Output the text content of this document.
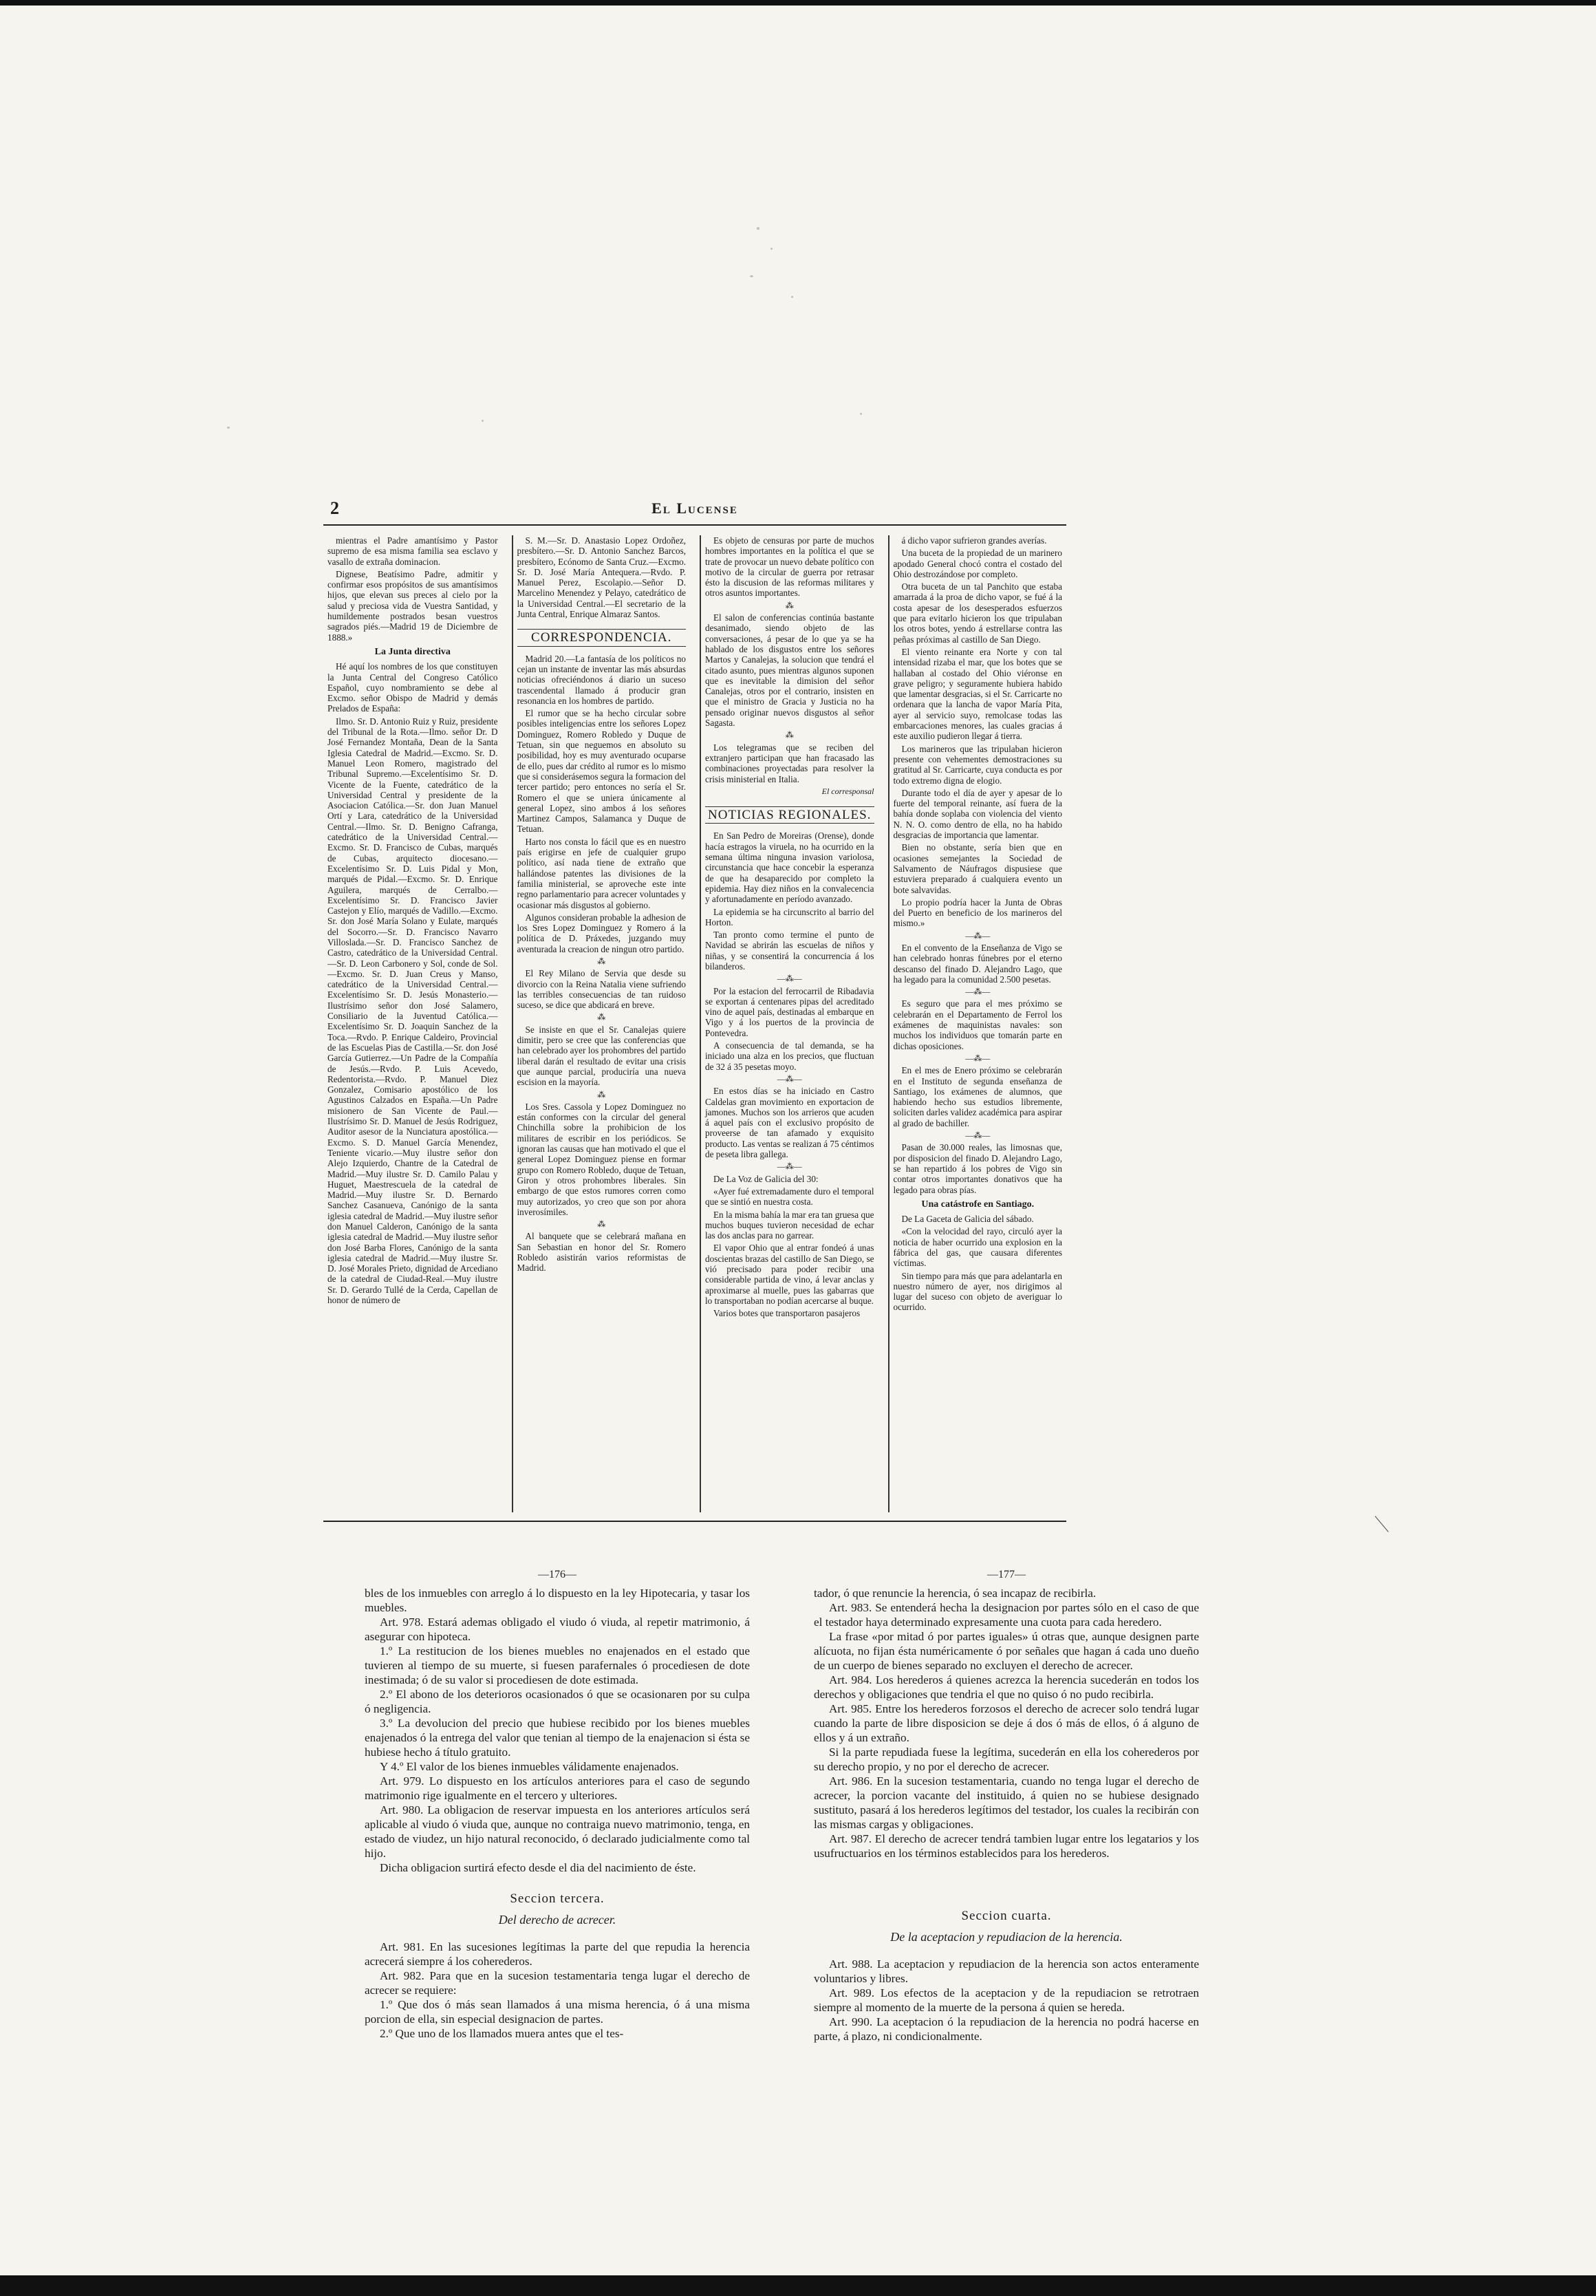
2	El Lucense

mientras el Padre amantísimo y Pastor supremo de esa misma familia sea esclavo y vasallo de extraña dominacion.

Dignese, Beatísimo Padre, admitir y confirmar esos propósitos de sus amantísimos hijos, que elevan sus preces al cielo por la salud y preciosa vida de Vuestra Santidad, y humildemente postrados besan vuestros sagrados piés.—Madrid 19 de Diciembre de 1888.»

La Junta directiva

Hé aquí los nombres de los que constituyen la Junta Central del Congreso Católico Español, cuyo nombramiento se debe al Excmo. señor Obispo de Madrid y demás Prelados de España:

Ilmo. Sr. D. Antonio Ruiz y Ruiz, presidente del Tribunal de la Rota.—Ilmo. señor Dr. D José Fernandez Montaña, Dean de la Santa Iglesia Catedral de Madrid.—Excmo. Sr. D. Manuel Leon Romero, magistrado del Tribunal Supremo.—Excelentísimo Sr. D. Vicente de la Fuente, catedrático de la Universidad Central y presidente de la Asociacion Católica.—Sr. don Juan Manuel Ortí y Lara, catedrático de la Universidad Central.—Ilmo. Sr. D. Benigno Cafranga, catedrático de la Universidad Central.—Excmo. Sr. D. Francisco de Cubas, marqués de Cubas, arquitecto diocesano.—Excelentísimo Sr. D. Luis Pidal y Mon, marqués de Pidal.—Excmo. Sr. D. Enrique Aguilera, marqués de Cerralbo.—Excelentísimo Sr. D. Francisco Javier Castejon y Elío, marqués de Vadillo.—Excmo. Sr. don José María Solano y Eulate, marqués del Socorro.—Sr. D. Francisco Navarro Villoslada.—Sr. D. Francisco Sanchez de Castro, catedrático de la Universidad Central.—Sr. D. Leon Carbonero y Sol, conde de Sol.—Excmo. Sr. D. Juan Creus y Manso, catedrático de la Universidad Central.—Excelentísimo Sr. D. Jesús Monasterio.—Ilustrísimo señor don José Salamero, Consiliario de la Juventud Católica.—Excelentísimo Sr. D. Joaquin Sanchez de la Toca.—Rvdo. P. Enrique Caldeiro, Provincial de las Escuelas Pias de Castilla.—Sr. don José García Gutierrez.—Un Padre de la Compañía de Jesús.—Rvdo. P. Luis Acevedo, Redentorista.—Rvdo. P. Manuel Diez Gonzalez, Comisario apostólico de los Agustinos Calzados en España.—Un Padre misionero de San Vicente de Paul.—Ilustrísimo Sr. D. Manuel de Jesús Rodriguez, Auditor asesor de la Nunciatura apostólica.—Excmo. S. D. Manuel García Menendez, Teniente vicario.—Muy ilustre señor don Alejo Izquierdo, Chantre de la Catedral de Madrid.—Muy ilustre Sr. D. Camilo Palau y Huguet, Maestrescuela de la catedral de Madrid.—Muy ilustre Sr. D. Bernardo Sanchez Casanueva, Canónigo de la santa iglesia catedral de Madrid.—Muy ilustre señor don Manuel Calderon, Canónigo de la santa iglesia catedral de Madrid.—Muy ilustre señor don José Barba Flores, Canónigo de la santa iglesia catedral de Madrid.—Muy ilustre Sr. D. José Morales Prieto, dignidad de Arcediano de la catedral de Ciudad-Real.—Muy ilustre Sr. D. Gerardo Tullé de la Cerda, Capellan de honor de número de

S. M.—Sr. D. Anastasio Lopez Ordoñez, presbítero.—Sr. D. Antonio Sanchez Barcos, presbítero, Ecónomo de Santa Cruz.—Excmo. Sr. D. José María Antequera.—Rvdo. P. Manuel Perez, Escolapio.—Señor D. Marcelino Menendez y Pelayo, catedrático de la Universidad Central.—El secretario de la Junta Central, Enrique Almaraz Santos.

CORRESPONDENCIA.

Madrid 20.—La fantasía de los políticos no cejan un instante de inventar las más absurdas noticias ofreciéndonos á diario un suceso trascendental llamado á producir gran resonancia en los hombres de partido.

El rumor que se ha hecho circular sobre posibles inteligencias entre los señores Lopez Dominguez, Romero Robledo y Duque de Tetuan, sin que neguemos en absoluto su posibilidad, hoy es muy aventurado ocuparse de ello, pues dar crédito al rumor es lo mismo que si considerásemos segura la formacion del tercer partido; pero entonces no sería el Sr. Romero el que se uniera únicamente al general Lopez, sino ambos á los señores Martinez Campos, Salamanca y Duque de Tetuan.

Harto nos consta lo fácil que es en nuestro país erigirse en jefe de cualquier grupo político, así nada tiene de extraño que hallándose patentes las divisiones de la familia ministerial, se aproveche este inte regno parlamentario para acrecer voluntades y ocasionar más disgustos al gobierno.

Algunos consideran probable la adhesion de los Sres Lopez Dominguez y Romero á la política de D. Práxedes, juzgando muy aventurada la creacion de ningun otro partido.

⁂

El Rey Milano de Servia que desde su divorcio con la Reina Natalia viene sufriendo las terribles consecuencias de tan ruidoso suceso, se dice que abdicará en breve.

⁂

Se insiste en que el Sr. Canalejas quiere dimitir, pero se cree que las conferencias que han celebrado ayer los prohombres del partido liberal darán el resultado de evitar una crisis que aunque parcial, produciría una nueva escision en la mayoría.

⁂

Los Sres. Cassola y Lopez Dominguez no están conformes con la circular del general Chinchilla sobre la prohibicion de los militares de escribir en los periódicos. Se ignoran las causas que han motivado el que el general Lopez Dominguez piense en formar grupo con Romero Robledo, duque de Tetuan, Giron y otros prohombres liberales. Sin embargo de que estos rumores corren como muy autorizados, yo creo que son por ahora inverosímiles.

⁂

Al banquete que se celebrará mañana en San Sebastian en honor del Sr. Romero Robledo asistirán varios reformistas de Madrid.

Es objeto de censuras por parte de muchos hombres importantes en la política el que se trate de provocar un nuevo debate político con motivo de la circular de guerra por retrasar ésto la discusion de las reformas militares y otros asuntos importantes.

⁂

El salon de conferencias continúa bastante desanimado, siendo objeto de las conversaciones, á pesar de lo que ya se ha hablado de los disgustos entre los señores Martos y Canalejas, la solucion que tendrá el citado asunto, pues mientras algunos suponen que es inevitable la dimision del señor Canalejas, otros por el contrario, insisten en que el ministro de Gracia y Justicia no ha pensado originar nuevos disgustos al señor Sagasta.

⁂

Los telegramas que se reciben del extranjero participan que han fracasado las combinaciones proyectadas para resolver la crisis ministerial en Italia.

El corresponsal
NOTICIAS REGIONALES.

En San Pedro de Moreiras (Orense), donde hacía estragos la viruela, no ha ocurrido en la semana última ninguna invasion variolosa, circunstancia que hace concebir la esperanza de que ha desaparecido por completo la epidemia. Hay diez niños en la convalecencia y afortunadamente en período avanzado.

La epidemia se ha circunscrito al barrio del Horton.

Tan pronto como termine el punto de Navidad se abrirán las escuelas de niños y niñas, y se consentirá la concurrencia á los bilanderos.

—⁂—

Por la estacion del ferrocarril de Ribadavia se exportan á centenares pipas del acreditado vino de aquel país, destinadas al embarque en Vigo y á los puertos de la provincia de Pontevedra.

A consecuencia de tal demanda, se ha iniciado una alza en los precios, que fluctuan de 32 á 35 pesetas moyo.

—⁂—

En estos días se ha iniciado en Castro Caldelas gran movimiento en exportacion de jamones. Muchos son los arrieros que acuden á aquel país con el exclusivo propósito de proveerse de tan afamado y exquisito producto. Las ventas se realizan á 75 céntimos de peseta libra gallega.

—⁂—

De La Voz de Galicia del 30:

«Ayer fué extremadamente duro el temporal que se sintió en nuestra costa.

En la misma bahía la mar era tan gruesa que muchos buques tuvieron necesidad de echar las dos anclas para no garrear.

El vapor Ohio que al entrar fondeó á unas doscientas brazas del castillo de San Diego, se vió precisado para poder recibir una considerable partida de vino, á levar anclas y aproximarse al muelle, pues las gabarras que lo transportaban no podían acercarse al buque.

Varios botes que transportaron pasajeros

á dicho vapor sufrieron grandes averías.

Una buceta de la propiedad de un marinero apodado General chocó contra el costado del Ohio destrozándose por completo.

Otra buceta de un tal Panchito que estaba amarrada á la proa de dicho vapor, se fué á la costa apesar de los desesperados esfuerzos que para evitarlo hicieron los que tripulaban los otros botes, yendo á estrellarse contra las peñas próximas al castillo de San Diego.

El viento reinante era Norte y con tal intensidad rizaba el mar, que los botes que se hallaban al costado del Ohio viéronse en grave peligro; y seguramente hubiera habido que lamentar desgracias, si el Sr. Carricarte no ordenara que la lancha de vapor María Pita, ayer al servicio suyo, remolcase todas las embarcaciones menores, las cuales gracias á este auxilio pudieron llegar á tierra.

Los marineros que las tripulaban hicieron presente con vehementes demostraciones su gratitud al Sr. Carricarte, cuya conducta es por todo extremo digna de elogio.

Durante todo el día de ayer y apesar de lo fuerte del temporal reinante, así fuera de la bahía donde soplaba con violencia del viento N. N. O. como dentro de ella, no ha habido desgracias de importancia que lamentar.

Bien no obstante, sería bien que en ocasiones semejantes la Sociedad de Salvamento de Náufragos dispusiese que estuviera preparado á cualquiera evento un bote salvavidas.

Lo propio podría hacer la Junta de Obras del Puerto en beneficio de los marineros del mismo.»

—⁂—

En el convento de la Enseñanza de Vigo se han celebrado honras fúnebres por el eterno descanso del finado D. Alejandro Lago, que ha legado para la comunidad 2.500 pesetas.

—⁂—

Es seguro que para el mes próximo se celebrarán en el Departamento de Ferrol los exámenes de maquinistas navales: son muchos los individuos que tomarán parte en dichas oposiciones.

—⁂—

En el mes de Enero próximo se celebrarán en el Instituto de segunda enseñanza de Santiago, los exámenes de alumnos, que habiendo hecho sus estudios libremente, soliciten darles validez académica para aspirar al grado de bachiller.

—⁂—

Pasan de 30.000 reales, las limosnas que, por disposicion del finado D. Alejandro Lago, se han repartido á los pobres de Vigo sin contar otros importantes donativos que ha legado para obras pías.

Una catástrofe en Santiago.

De La Gaceta de Galicia del sábado.

«Con la velocidad del rayo, circuló ayer la noticia de haber ocurrido una explosion en la fábrica del gas, que causara diferentes víctimas.

Sin tiempo para más que para adelantarla en nuestro número de ayer, nos dirigimos al lugar del suceso con objeto de averiguar lo ocurrido.

—176—

bles de los inmuebles con arreglo á lo dispuesto en la ley Hipotecaria, y tasar los muebles.

Art. 978. Estará ademas obligado el viudo ó viuda, al repetir matrimonio, á asegurar con hipoteca.

1.º La restitucion de los bienes muebles no enajenados en el estado que tuvieren al tiempo de su muerte, si fuesen parafernales ó procediesen de dote inestimada; ó de su valor si procediesen de dote estimada.

2.º El abono de los deterioros ocasionados ó que se ocasionaren por su culpa ó negligencia.

3.º La devolucion del precio que hubiese recibido por los bienes muebles enajenados ó la entrega del valor que tenian al tiempo de la enajenacion si ésta se hubiese hecho á título gratuito.

Y 4.º El valor de los bienes inmuebles válidamente enajenados.

Art. 979. Lo dispuesto en los artículos anteriores para el caso de segundo matrimonio rige igualmente en el tercero y ulteriores.

Art. 980. La obligacion de reservar impuesta en los anteriores artículos será aplicable al viudo ó viuda que, aunque no contraiga nuevo matrimonio, tenga, en estado de viudez, un hijo natural reconocido, ó declarado judicialmente como tal hijo.

Dicha obligacion surtirá efecto desde el dia del nacimiento de éste.

Seccion tercera.
Del derecho de acrecer.

Art. 981. En las sucesiones legítimas la parte del que repudia la herencia acrecerá siempre á los coherederos.

Art. 982. Para que en la sucesion testamentaria tenga lugar el derecho de acrecer se requiere:

1.º Que dos ó más sean llamados á una misma herencia, ó á una misma porcion de ella, sin especial designacion de partes.

2.º Que uno de los llamados muera antes que el tes-

—177—

tador, ó que renuncie la herencia, ó sea incapaz de recibirla.

Art. 983. Se entenderá hecha la designacion por partes sólo en el caso de que el testador haya determinado expresamente una cuota para cada heredero.

La frase «por mitad ó por partes iguales» ú otras que, aunque designen parte alícuota, no fijan ésta numéricamente ó por señales que hagan á cada uno dueño de un cuerpo de bienes separado no excluyen el derecho de acrecer.

Art. 984. Los herederos á quienes acrezca la herencia sucederán en todos los derechos y obligaciones que tendria el que no quiso ó no pudo recibirla.

Art. 985. Entre los herederos forzosos el derecho de acrecer solo tendrá lugar cuando la parte de libre disposicion se deje á dos ó más de ellos, ó á alguno de ellos y á un extraño.

Si la parte repudiada fuese la legítima, sucederán en ella los coherederos por su derecho propio, y no por el derecho de acrecer.

Art. 986. En la sucesion testamentaria, cuando no tenga lugar el derecho de acrecer, la porcion vacante del instituido, á quien no se hubiese designado sustituto, pasará á los herederos legítimos del testador, los cuales la recibirán con las mismas cargas y obligaciones.

Art. 987. El derecho de acrecer tendrá tambien lugar entre los legatarios y los usufructuarios en los términos establecidos para los herederos.

Seccion cuarta.
De la aceptacion y repudiacion de la herencia.

Art. 988. La aceptacion y repudiacion de la herencia son actos enteramente voluntarios y libres.

Art. 989. Los efectos de la aceptacion y de la repudiacion se retrotraen siempre al momento de la muerte de la persona á quien se hereda.

Art. 990. La aceptacion ó la repudiacion de la herencia no podrá hacerse en parte, á plazo, ni condicionalmente.
